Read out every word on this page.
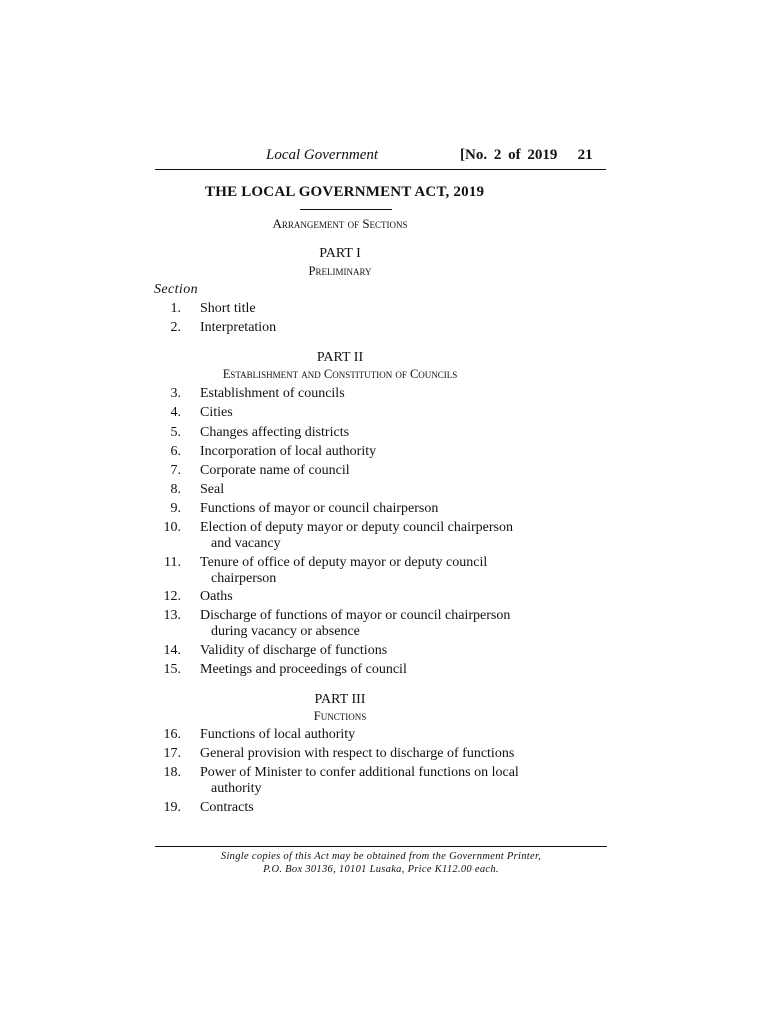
Local Government	[No. 2 of 2019 21
THE LOCAL GOVERNMENT ACT, 2019
Arrangement of Sections
PART I
Preliminary
Section
1. Short title
2. Interpretation
PART II
Establishment and Constitution of Councils
3. Establishment of councils
4. Cities
5. Changes affecting districts
6. Incorporation of local authority
7. Corporate name of council
8. Seal
9. Functions of mayor or council chairperson
10. Election of deputy mayor or deputy council chairperson
and vacancy
11. Tenure of office of deputy mayor or deputy council
chairperson
12. Oaths
13. Discharge of functions of mayor or council chairperson
during vacancy or absence
14. Validity of discharge of functions
15. Meetings and proceedings of council
PART III
Functions
16. Functions of local authority
17. General provision with respect to discharge of functions
18. Power of Minister to confer additional functions on local
authority
19. Contracts
Single copies of this Act may be obtained from the Government Printer,
P.O. Box 30136, 10101 Lusaka, Price K112.00 each.
